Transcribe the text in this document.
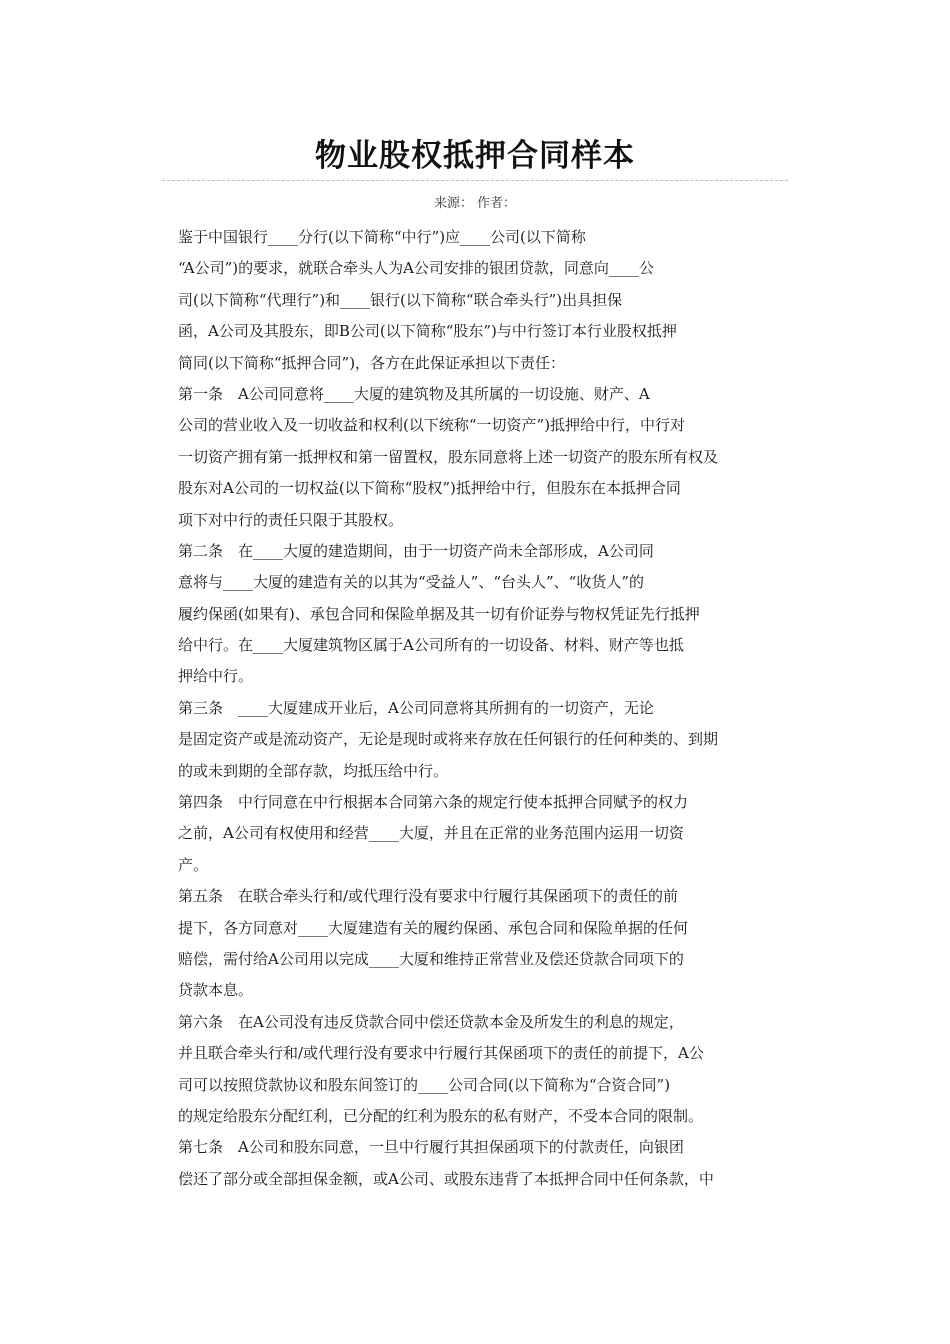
物业股权抵押合同样本
来源： 作者：
鉴于中国银行____分行(以下简称“中行”)应____公司(以下简称
“A公司”)的要求，就联合牵头人为A公司安排的银团贷款，同意向____公
司(以下简称“代理行”)和____银行(以下简称“联合牵头行”)出具担保
函，A公司及其股东，即B公司(以下简称“股东”)与中行签订本行业股权抵押
简同(以下简称“抵押合同”)，各方在此保证承担以下责任：
第一条　A公司同意将____大厦的建筑物及其所属的一切设施、财产、A
公司的营业收入及一切收益和权利(以下统称“一切资产”)抵押给中行，中行对
一切资产拥有第一抵押权和第一留置权，股东同意将上述一切资产的股东所有权及
股东对A公司的一切权益(以下简称“股权”)抵押给中行，但股东在本抵押合同
项下对中行的责任只限于其股权。
第二条　在____大厦的建造期间，由于一切资产尚未全部形成，A公司同
意将与____大厦的建造有关的以其为“受益人”、“台头人”、“收货人”的
履约保函(如果有)、承包合同和保险单据及其一切有价证券与物权凭证先行抵押
给中行。在____大厦建筑物区属于A公司所有的一切设备、材料、财产等也抵
押给中行。
第三条　____大厦建成开业后，A公司同意将其所拥有的一切资产，无论
是固定资产或是流动资产，无论是现时或将来存放在任何银行的任何种类的、到期
的或未到期的全部存款，均抵压给中行。
第四条　中行同意在中行根据本合同第六条的规定行使本抵押合同赋予的权力
之前，A公司有权使用和经营____大厦，并且在正常的业务范围内运用一切资
产。
第五条　在联合牵头行和/或代理行没有要求中行履行其保函项下的责任的前
提下，各方同意对____大厦建造有关的履约保函、承包合同和保险单据的任何
赔偿，需付给A公司用以完成____大厦和维持正常营业及偿还贷款合同项下的
贷款本息。
第六条　在A公司没有违反贷款合同中偿还贷款本金及所发生的利息的规定，
并且联合牵头行和/或代理行没有要求中行履行其保函项下的责任的前提下，A公
司可以按照贷款协议和股东间签订的____公司合同(以下简称为“合资合同”)
的规定给股东分配红利，已分配的红利为股东的私有财产，不受本合同的限制。
第七条　A公司和股东同意，一旦中行履行其担保函项下的付款责任，向银团
偿还了部分或全部担保金额，或A公司、或股东违背了本抵押合同中任何条款，中
